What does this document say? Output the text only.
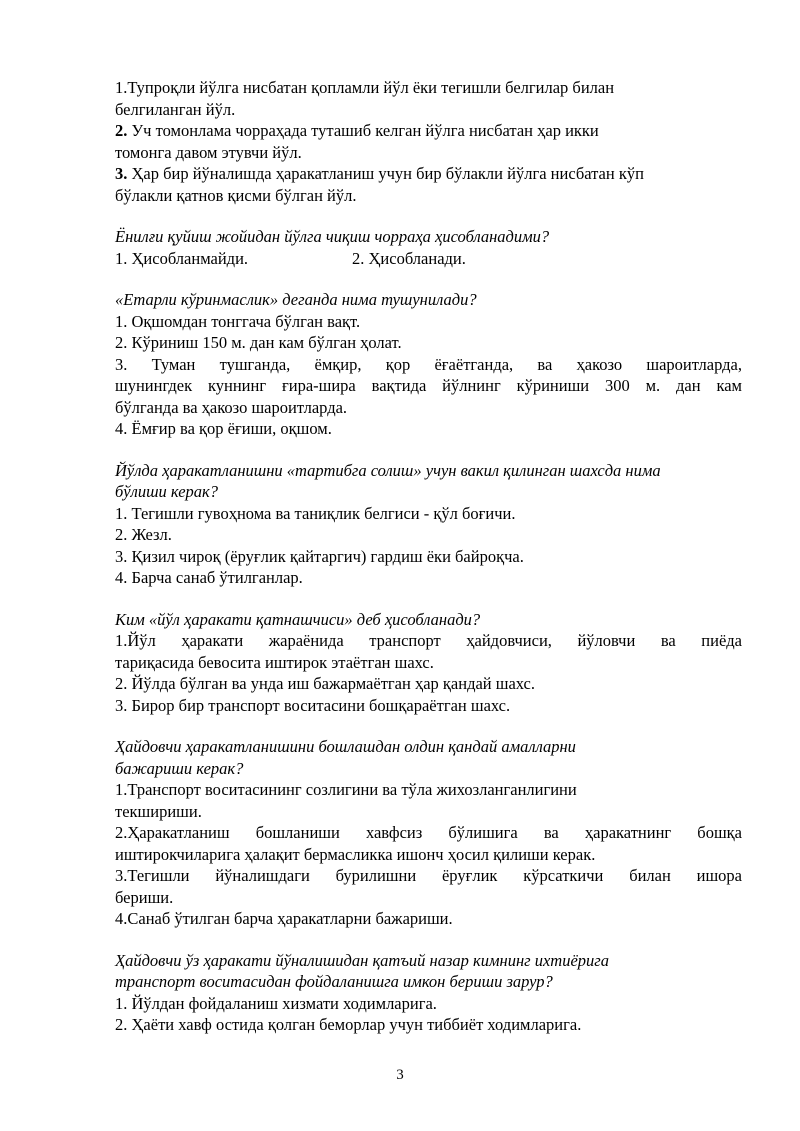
1.Тупроқли йўлга нисбатан қопламли йўл ёки тегишли белгилар билан
белгиланган йўл.
2. Уч томонлама чорраҳада туташиб келган йўлга нисбатан ҳар икки
томонга давом этувчи йўл.
3. Ҳар бир йўналишда ҳаракатланиш учун бир бўлакли йўлга нисбатан кўп
бўлакли қатнов қисми бўлган йўл.
Ёнилғи қуйиш жойидан йўлга чиқиш чорраҳа ҳисобланадими?
1. Ҳисобланмайди.	2. Ҳисобланади.
«Етарли кўринмаслик» деганда нима тушунилади?
1. Оқшомдан тонггача бўлган вақт.
2. Кўриниш 150 м. дан кам бўлган ҳолат.
3. Туман тушганда, ёмқир, қор ёғаётганда, ва ҳакозо шароитларда,
шунингдек куннинг ғира-шира вақтида йўлнинг кўриниши 300 м. дан кам
бўлганда ва ҳакозо шароитларда.
4. Ёмғир ва қор ёғиши, оқшом.
Йўлда ҳаракатланишни «тартибга солиш» учун вакил қилинган шахсда нима
бўлиши керак?
1. Тегишли гувоҳнома ва таниқлик белгиси - қўл боғичи.
2. Жезл.
3. Қизил чироқ (ёруғлик қайтаргич) гардиш ёки байроқча.
4. Барча санаб ўтилганлар.
Ким «йўл ҳаракати қатнашчиси» деб ҳисобланади?
1.Йўл ҳаракати жараёнида транспорт ҳайдовчиси, йўловчи ва пиёда
тариқасида бевосита иштирок этаётган шахс.
2. Йўлда бўлган ва унда иш бажармаётган ҳар қандай шахс.
3. Бирор бир транспорт воситасини бошқараётган шахс.
Ҳайдовчи ҳаракатланишини бошлашдан олдин қандай амалларни
бажариши керак?
1.Транспорт воситасининг созлигини ва тўла жихозланганлигини
текшириши.
2.Ҳаракатланиш бошланиши хавфсиз бўлишига ва ҳаракатнинг бошқа
иштирокчиларига ҳалақит бермасликка ишонч ҳосил қилиши керак.
3.Тегишли йўналишдаги бурилишни ёруғлик кўрсаткичи билан ишора
бериши.
4.Санаб ўтилган барча ҳаракатларни бажариши.
Ҳайдовчи ўз ҳаракати йўналишидан қатъий назар кимнинг ихтиёрига
транспорт воситасидан фойдаланишга имкон бериши зарур?
1. Йўлдан фойдаланиш хизмати ходимларига.
2. Ҳаёти хавф остида қолган беморлар учун тиббиёт ходимларига.
3
